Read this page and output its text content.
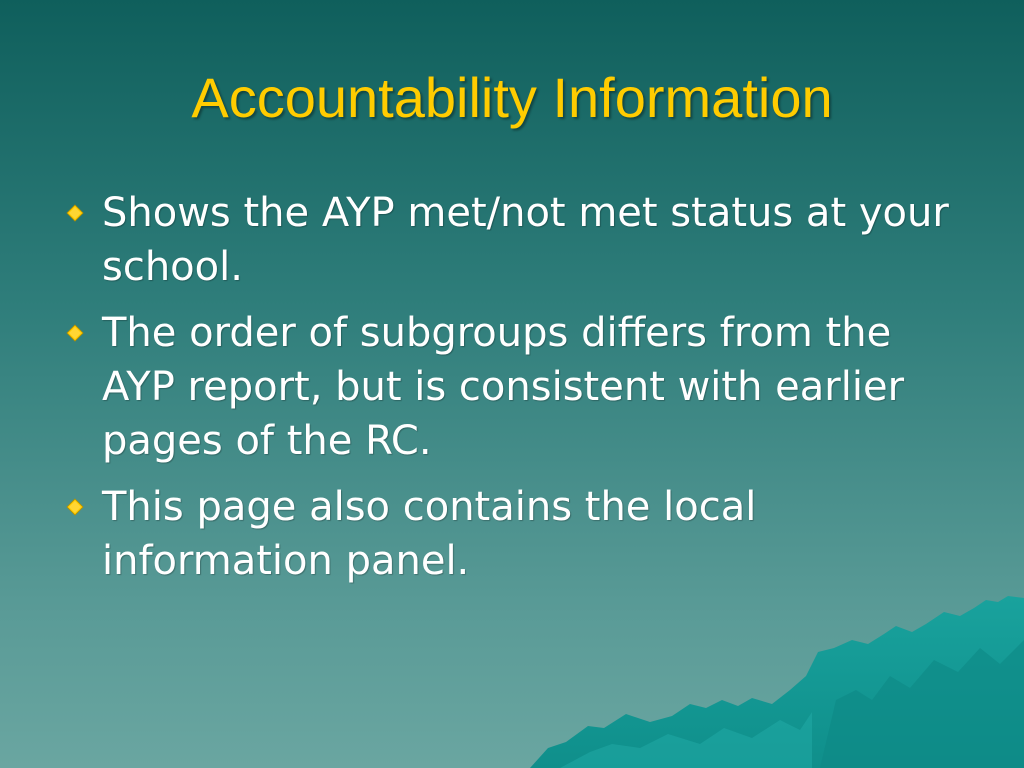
Accountability Information
Shows the AYP met/not met status at your school.
The order of subgroups differs from the AYP report, but is consistent with earlier pages of the RC.
This page also contains the local information panel.
